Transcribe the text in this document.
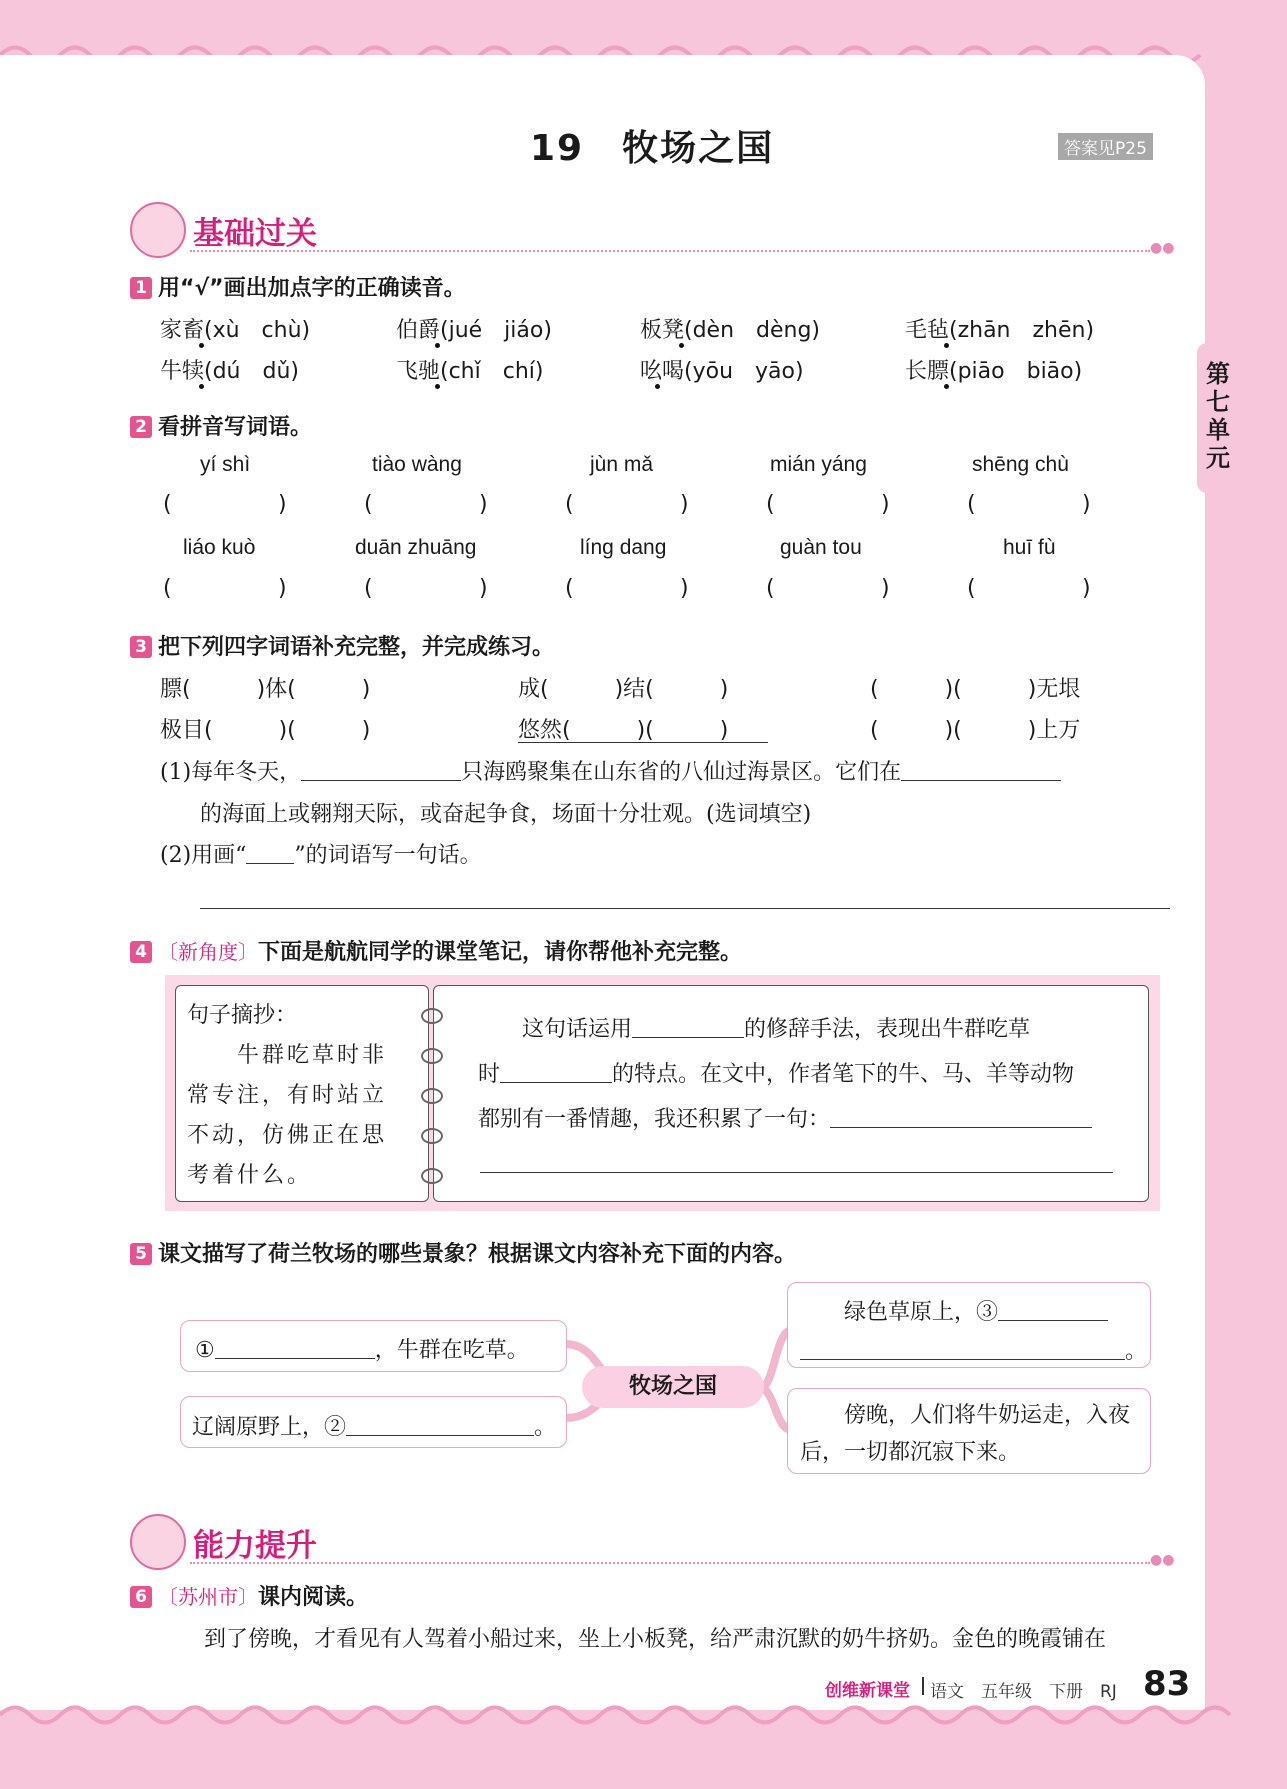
19　牧场之国	答案见P25
第七单元
基础过关	●●
1 用“√”画出加点字的正确读音。
家畜(xù　chù)	伯爵(jué　jiáo)	板凳(dèn　dèng)	毛毡(zhān　zhēn)
牛犊(dú　dǔ)	飞驰(chǐ　chí)	吆喝(yōu　yāo)	长膘(piāo　biāo)
2 看拼音写词语。
yí shì	tiào wàng	jùn mǎ	mián yáng	shēng chù
(	)	(	)	(	)	(	)	(	)
liáo kuò	duān zhuāng	líng dang	guàn tou	huī fù
(	)	(	)	(	)	(	)	(	)
3 把下列四字词语补充完整，并完成练习。
膘(　　　)体(　　　)	成(　　　)结(　　　)	(　　　)(　　　)无垠
极目(　　　)(　　　)	悠然(　　　)(　　　)	(　　　)(　　　)上万
(1)每年冬天，	只海鸥聚集在山东省的八仙过海景区。它们在
的海面上或翱翔天际，或奋起争食，场面十分壮观。(选词填空)
(2)用画“ ”的词语写一句话。
4 〔新角度〕下面是航航同学的课堂笔记，请你帮他补充完整。
句子摘抄：
　　牛群吃草时非
常专注，有时站立
不动，仿佛正在思
考着什么。
　　这句话运用	的修辞手法，表现出牛群吃草
时	的特点。在文中，作者笔下的牛、马、羊等动物
都别有一番情趣，我还积累了一句：
5 课文描写了荷兰牧场的哪些景象？根据课文内容补充下面的内容。
牧场之国
①	，牛群在吃草。
辽阔原野上，②	。
　　绿色草原上，③
。
　　傍晚，人们将牛奶运走，入夜后，一切都沉寂下来。
能力提升	●●
6 〔苏州市〕课内阅读。
　　到了傍晚，才看见有人驾着小船过来，坐上小板凳，给严肃沉默的奶牛挤奶。金色的晚霞铺在
创维新课堂 语文　五年级　下册　RJ 83
